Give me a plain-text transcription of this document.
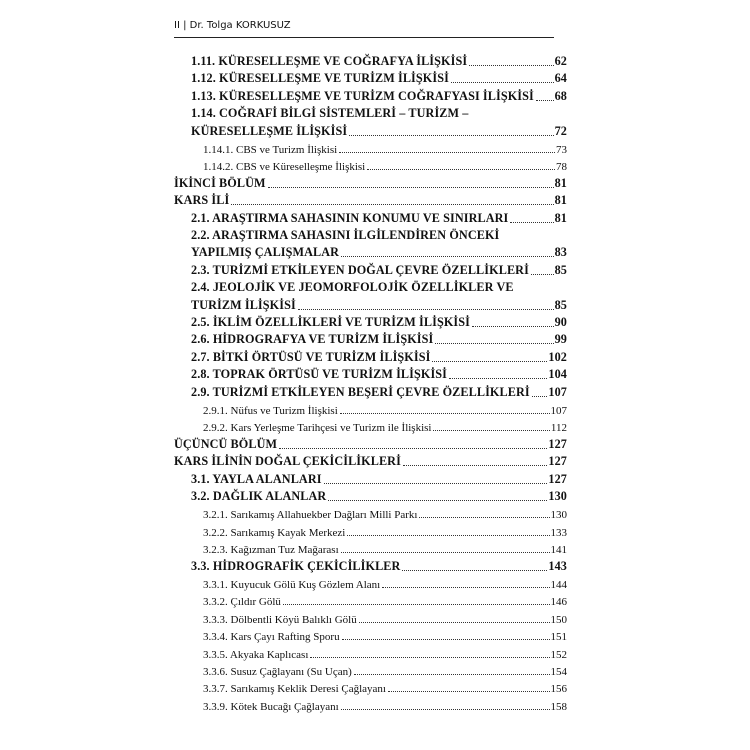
II | Dr. Tolga KORKUSUZ
1.11. KÜRESELLEŞME VE COĞRAFYA İLİŞKİSİ	62
1.12. KÜRESELLEŞME VE TURİZM İLİŞKİSİ	64
1.13. KÜRESELLEŞME VE TURİZM COĞRAFYASI İLİŞKİSİ 68
1.14. COĞRAFİ BİLGİ SİSTEMLERİ – TURİZM –
KÜRESELLEŞME İLİŞKİSİ	72
1.14.1. CBS ve Turizm İlişkisi	73
1.14.2. CBS ve Küreselleşme İlişkisi	78
İKİNCİ BÖLÜM	81
KARS İLİ	81
2.1. ARAŞTIRMA SAHASININ KONUMU VE SINIRLARI	81
2.2. ARAŞTIRMA SAHASINI İLGİLENDİREN ÖNCEKİ
YAPILMIŞ ÇALIŞMALAR	83
2.3. TURİZMİ ETKİLEYEN DOĞAL ÇEVRE ÖZELLİKLERİ 85
2.4. JEOLOJİK VE JEOMORFOLOJİK ÖZELLİKLER VE
TURİZM İLİŞKİSİ	85
2.5. İKLİM ÖZELLİKLERİ VE TURİZM İLİŞKİSİ	90
2.6. HİDROGRAFYA VE TURİZM İLİŞKİSİ	99
2.7. BİTKİ ÖRTÜSÜ VE TURİZM İLİŞKİSİ	102
2.8. TOPRAK ÖRTÜSÜ VE TURİZM İLİŞKİSİ	104
2.9. TURİZMİ ETKİLEYEN BEŞERİ ÇEVRE ÖZELLİKLERİ 107
2.9.1. Nüfus ve Turizm İlişkisi	107
2.9.2. Kars Yerleşme Tarihçesi ve Turizm ile İlişkisi	112
ÜÇÜNCÜ BÖLÜM	127
KARS İLİNİN DOĞAL ÇEKİCİLİKLERİ	127
3.1. YAYLA ALANLARI	127
3.2. DAĞLIK ALANLAR	130
3.2.1. Sarıkamış Allahuekber Dağları Milli Parkı	130
3.2.2. Sarıkamış Kayak Merkezi	133
3.2.3. Kağızman Tuz Mağarası	141
3.3. HİDROGRAFİK ÇEKİCİLİKLER	143
3.3.1. Kuyucuk Gölü Kuş Gözlem Alanı	144
3.3.2. Çıldır Gölü	146
3.3.3. Dölbentli Köyü Balıklı Gölü	150
3.3.4. Kars Çayı Rafting Sporu	151
3.3.5. Akyaka Kaplıcası	152
3.3.6. Susuz Çağlayanı (Su Uçan)	154
3.3.7. Sarıkamış Keklik Deresi Çağlayanı	156
3.3.9. Kötek Bucağı Çağlayanı	158
